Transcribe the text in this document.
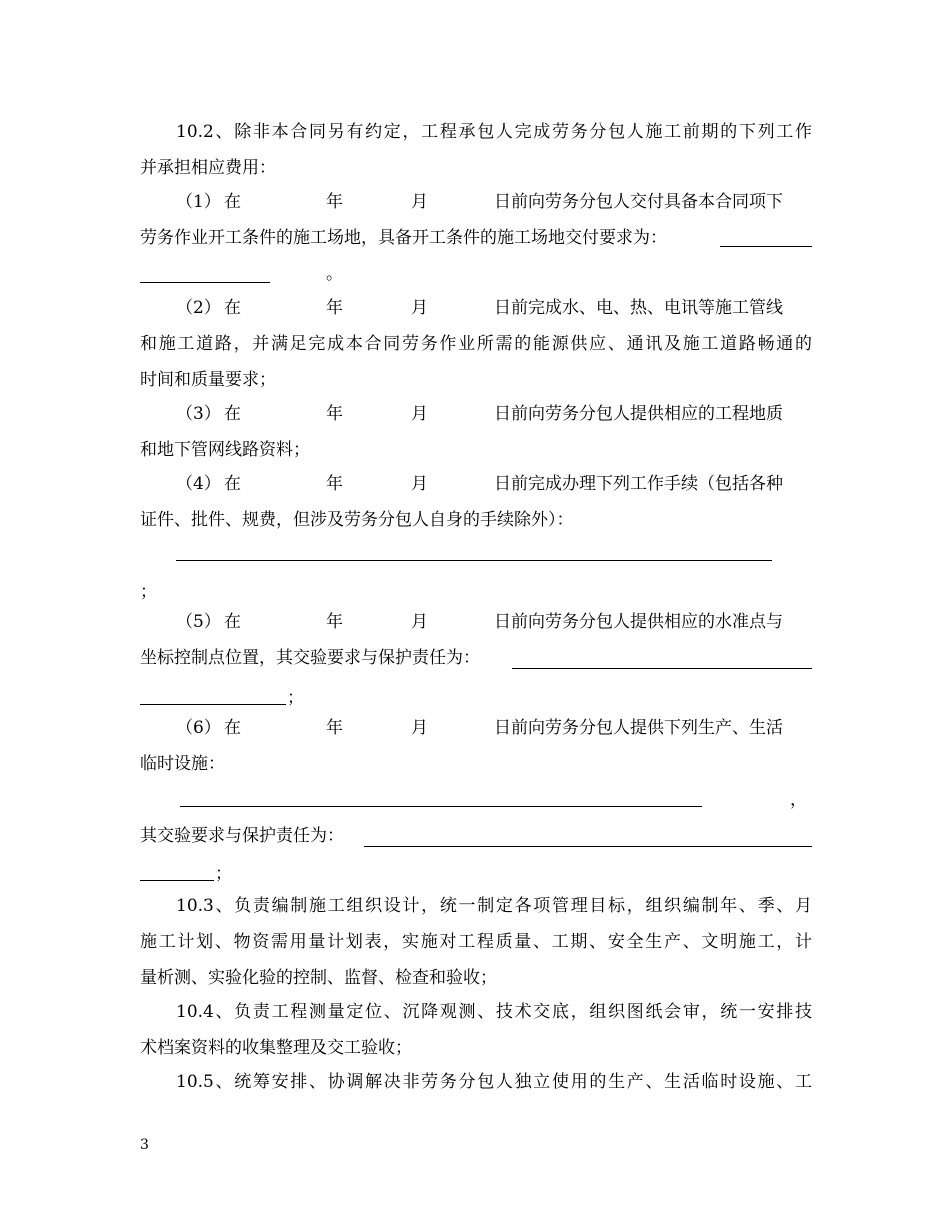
10.2、除非本合同另有约定，工程承包人完成劳务分包人施工前期的下列工作
并承担相应费用：
（1） 在	年	月	日前向劳务分包人交付具备本合同项下
劳务作业开工条件的施工场地，具备开工条件的施工场地交付要求为：
。
（2） 在	年	月	日前完成水、电、热、电讯等施工管线
和施工道路，并满足完成本合同劳务作业所需的能源供应、通讯及施工道路畅通的
时间和质量要求；
（3） 在	年	月	日前向劳务分包人提供相应的工程地质
和地下管网线路资料；
（4） 在	年	月	日前完成办理下列工作手续（包括各种
证件、批件、规费，但涉及劳务分包人自身的手续除外）：
；
（5） 在	年	月	日前向劳务分包人提供相应的水准点与
坐标控制点位置，其交验要求与保护责任为：
；
（6） 在	年	月	日前向劳务分包人提供下列生产、生活
临时设施：
，
其交验要求与保护责任为：
；
10.3、负责编制施工组织设计，统一制定各项管理目标，组织编制年、季、月
施工计划、物资需用量计划表，实施对工程质量、工期、安全生产、文明施工，计
量析测、实验化验的控制、监督、检查和验收；
10.4、负责工程测量定位、沉降观测、技术交底，组织图纸会审，统一安排技
术档案资料的收集整理及交工验收；
10.5、统筹安排、协调解决非劳务分包人独立使用的生产、生活临时设施、工
3
